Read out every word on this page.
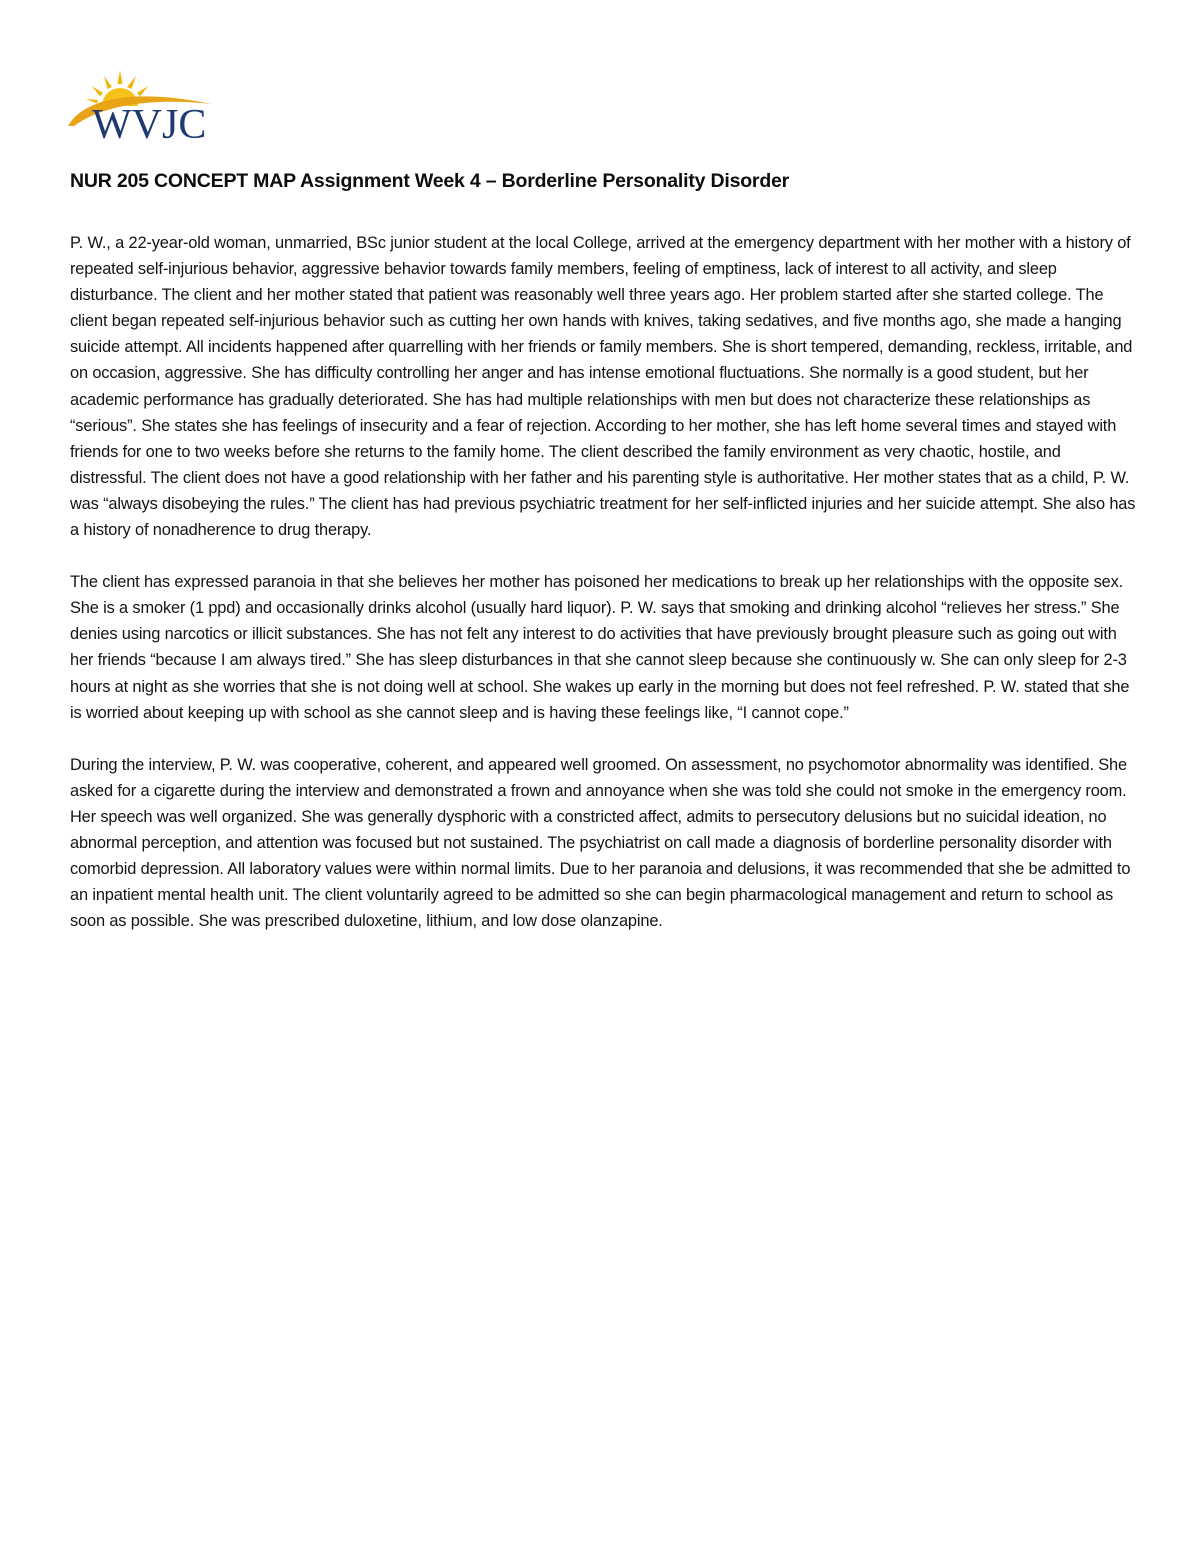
WVJC
NUR 205 CONCEPT MAP Assignment Week 4 – Borderline Personality Disorder

P. W., a 22-year-old woman, unmarried, BSc junior student at the local College, arrived at the emergency department with her mother with a history of repeated self-injurious behavior, aggressive behavior towards family members, feeling of emptiness, lack of interest to all activity, and sleep disturbance. The client and her mother stated that patient was reasonably well three years ago. Her problem started after she started college. The client began repeated self-injurious behavior such as cutting her own hands with knives, taking sedatives, and five months ago, she made a hanging suicide attempt. All incidents happened after quarrelling with her friends or family members. She is short tempered, demanding, reckless, irritable, and on occasion, aggressive. She has difficulty controlling her anger and has intense emotional fluctuations. She normally is a good student, but her academic performance has gradually deteriorated. She has had multiple relationships with men but does not characterize these relationships as “serious”. She states she has feelings of insecurity and a fear of rejection. According to her mother, she has left home several times and stayed with friends for one to two weeks before she returns to the family home. The client described the family environment as very chaotic, hostile, and distressful. The client does not have a good relationship with her father and his parenting style is authoritative. Her mother states that as a child, P. W. was “always disobeying the rules.” The client has had previous psychiatric treatment for her self-inflicted injuries and her suicide attempt. She also has a history of nonadherence to drug therapy.

The client has expressed paranoia in that she believes her mother has poisoned her medications to break up her relationships with the opposite sex. She is a smoker (1 ppd) and occasionally drinks alcohol (usually hard liquor). P. W. says that smoking and drinking alcohol “relieves her stress.” She denies using narcotics or illicit substances. She has not felt any interest to do activities that have previously brought pleasure such as going out with her friends “because I am always tired.” She has sleep disturbances in that she cannot sleep because she continuously w. She can only sleep for 2-3 hours at night as she worries that she is not doing well at school. She wakes up early in the morning but does not feel refreshed. P. W. stated that she is worried about keeping up with school as she cannot sleep and is having these feelings like, “I cannot cope.”

During the interview, P. W. was cooperative, coherent, and appeared well groomed. On assessment, no psychomotor abnormality was identified. She asked for a cigarette during the interview and demonstrated a frown and annoyance when she was told she could not smoke in the emergency room. Her speech was well organized. She was generally dysphoric with a constricted affect, admits to persecutory delusions but no suicidal ideation, no abnormal perception, and attention was focused but not sustained. The psychiatrist on call made a diagnosis of borderline personality disorder with comorbid depression. All laboratory values were within normal limits. Due to her paranoia and delusions, it was recommended that she be admitted to an inpatient mental health unit. The client voluntarily agreed to be admitted so she can begin pharmacological management and return to school as soon as possible. She was prescribed duloxetine, lithium, and low dose olanzapine.
